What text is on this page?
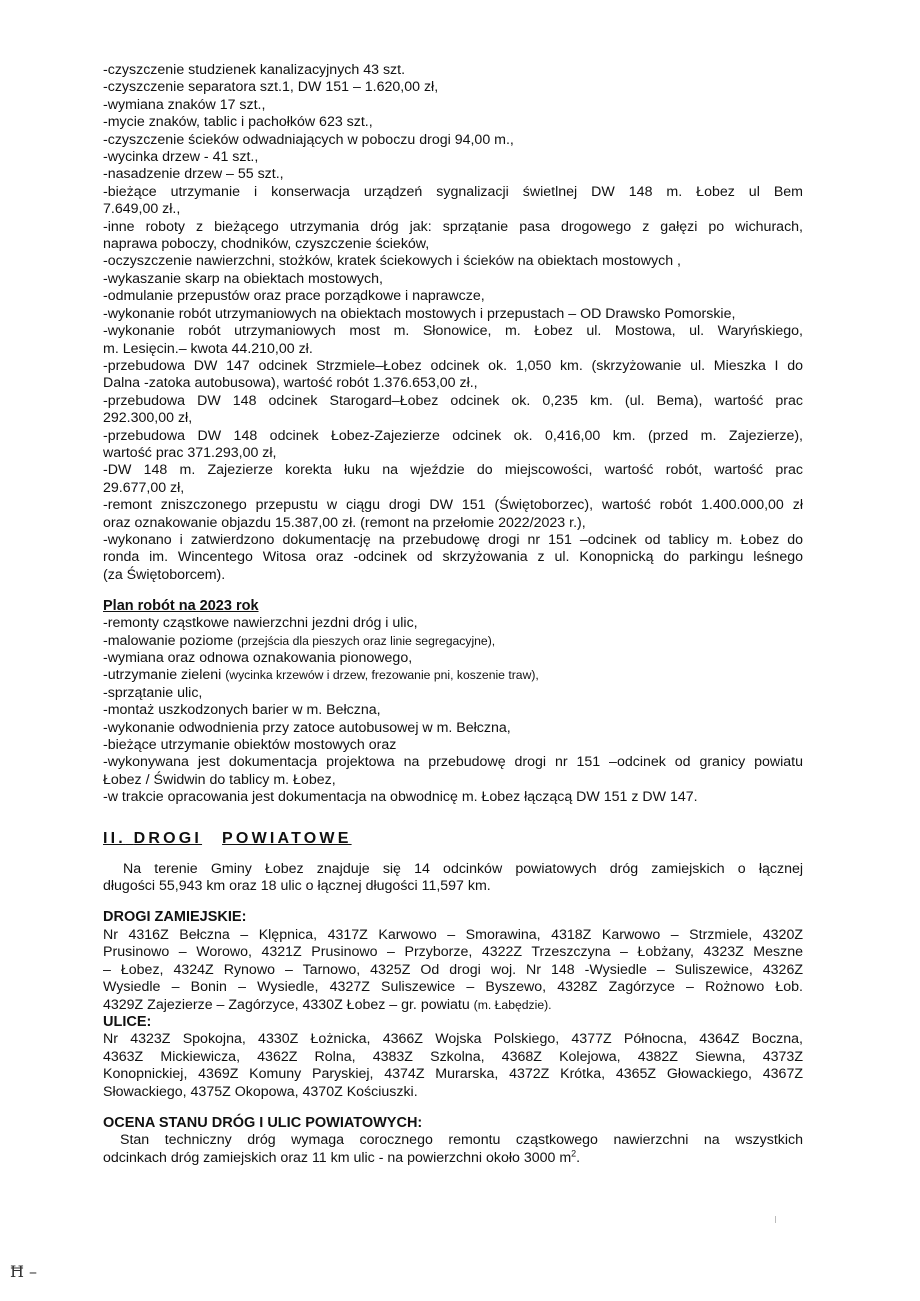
-czyszczenie studzienek kanalizacyjnych 43 szt.
-czyszczenie separatora szt.1, DW 151 – 1.620,00 zł,
-wymiana znaków 17 szt.,
-mycie znaków, tablic i pachołków 623 szt.,
-czyszczenie ścieków odwadniających w poboczu drogi 94,00 m.,
-wycinka drzew - 41 szt.,
-nasadzenie drzew – 55 szt.,
-bieżące utrzymanie i konserwacja urządzeń sygnalizacji świetlnej DW 148 m. Łobez ul Bem
7.649,00 zł.,
-inne roboty z bieżącego utrzymania dróg jak: sprzątanie pasa drogowego z gałęzi po wichurach,
naprawa poboczy, chodników, czyszczenie ścieków,
-oczyszczenie nawierzchni, stożków, kratek ściekowych i ścieków na obiektach mostowych ,
-wykaszanie skarp na obiektach mostowych,
-odmulanie przepustów oraz prace porządkowe i naprawcze,
-wykonanie robót utrzymaniowych na obiektach mostowych i przepustach – OD Drawsko Pomorskie,
-wykonanie robót utrzymaniowych most m. Słonowice, m. Łobez ul. Mostowa, ul. Waryńskiego,
m. Lesięcin.– kwota 44.210,00 zł.
-przebudowa DW 147 odcinek Strzmiele–Łobez odcinek ok. 1,050 km. (skrzyżowanie ul. Mieszka I do
Dalna -zatoka autobusowa), wartość robót 1.376.653,00 zł.,
-przebudowa DW 148 odcinek Starogard–Łobez odcinek ok. 0,235 km. (ul. Bema), wartość prac
292.300,00 zł,
-przebudowa DW 148 odcinek Łobez-Zajezierze odcinek ok. 0,416,00 km. (przed m. Zajezierze),
wartość prac 371.293,00 zł,
-DW 148 m. Zajezierze korekta łuku na wjeździe do miejscowości, wartość robót, wartość prac
29.677,00 zł,
-remont zniszczonego przepustu w ciągu drogi DW 151 (Świętoborzec), wartość robót 1.400.000,00 zł
oraz oznakowanie objazdu 15.387,00 zł. (remont na przełomie 2022/2023 r.),
-wykonano i zatwierdzono dokumentację na przebudowę drogi nr 151 –odcinek od tablicy m. Łobez do
ronda im. Wincentego Witosa oraz -odcinek od skrzyżowania z ul. Konopnicką do parkingu leśnego
(za Świętoborcem).
Plan robót na 2023 rok
-remonty cząstkowe nawierzchni jezdni dróg i ulic,
-malowanie poziome (przejścia dla pieszych oraz linie segregacyjne),
-wymiana oraz odnowa oznakowania pionowego,
-utrzymanie zieleni (wycinka krzewów i drzew, frezowanie pni, koszenie traw),
-sprzątanie ulic,
-montaż uszkodzonych barier w m. Bełczna,
-wykonanie odwodnienia przy zatoce autobusowej w m. Bełczna,
-bieżące utrzymanie obiektów mostowych oraz
-wykonywana jest dokumentacja projektowa na przebudowę drogi nr 151 –odcinek od granicy powiatu
Łobez / Świdwin do tablicy m. Łobez,
-w trakcie opracowania jest dokumentacja na obwodnicę m. Łobez łączącą DW 151 z DW 147.
II. DROGI POWIATOWE
Na terenie Gminy Łobez znajduje się 14 odcinków powiatowych dróg zamiejskich o łącznej
długości 55,943 km oraz 18 ulic o łącznej długości 11,597 km.
DROGI ZAMIEJSKIE:
Nr 4316Z Bełczna – Klępnica, 4317Z Karwowo – Smorawina, 4318Z Karwowo – Strzmiele, 4320Z
Prusinowo – Worowo, 4321Z Prusinowo – Przyborze, 4322Z Trzeszczyna – Łobżany, 4323Z Meszne
– Łobez, 4324Z Rynowo – Tarnowo, 4325Z Od drogi woj. Nr 148 -Wysiedle – Suliszewice, 4326Z
Wysiedle – Bonin – Wysiedle, 4327Z Suliszewice – Byszewo, 4328Z Zagórzyce – Rożnowo Łob.
4329Z Zajezierze – Zagórzyce, 4330Z Łobez – gr. powiatu (m. Łabędzie).
ULICE:
Nr 4323Z Spokojna, 4330Z Łożnicka, 4366Z Wojska Polskiego, 4377Z Północna, 4364Z Boczna,
4363Z Mickiewicza, 4362Z Rolna, 4383Z Szkolna, 4368Z Kolejowa, 4382Z Siewna, 4373Z
Konopnickiej, 4369Z Komuny Paryskiej, 4374Z Murarska, 4372Z Krótka, 4365Z Głowackiego, 4367Z
Słowackiego, 4375Z Okopowa, 4370Z Kościuszki.
OCENA STANU DRÓG I ULIC POWIATOWYCH:
Stan techniczny dróg wymaga corocznego remontu cząstkowego nawierzchni na wszystkich
odcinkach dróg zamiejskich oraz 11 km ulic - na powierzchni około 3000 $m^2$.
Ħ –
